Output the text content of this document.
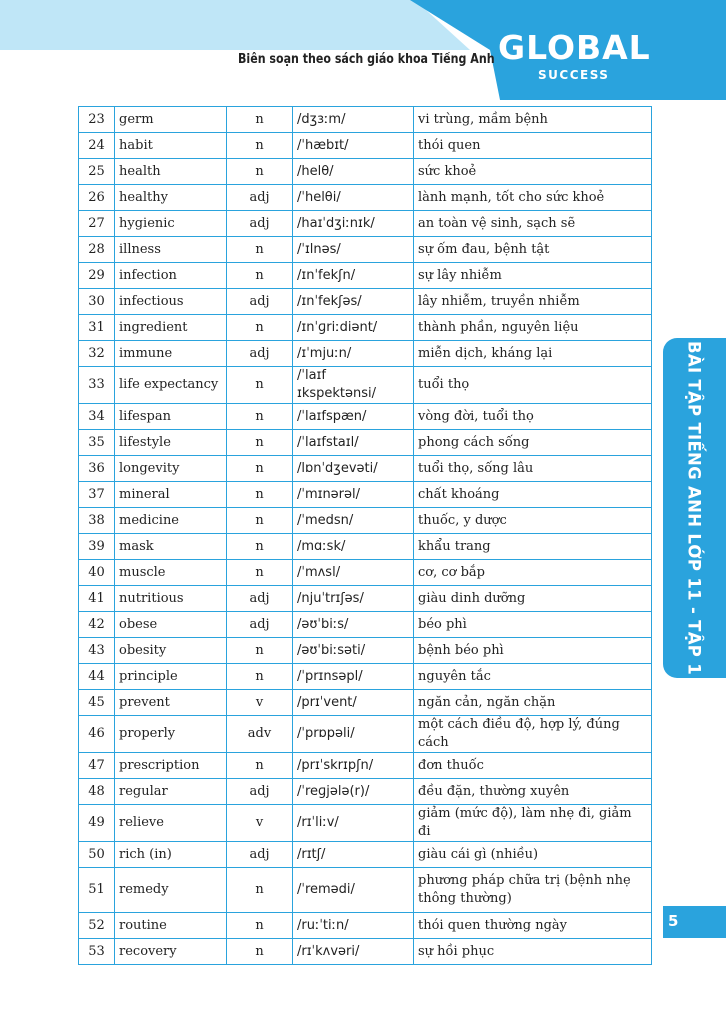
Biên soạn theo sách giáo khoa Tiếng Anh GLOBAL
SUCCESS
23	germ	n	/dʒɜːm/	vi trùng, mầm bệnh
24	habit	n	/ˈhæbɪt/	thói quen
25	health	n	/helθ/	sức khoẻ
26	healthy	adj	/ˈhelθi/	lành mạnh, tốt cho sức khoẻ
27	hygienic	adj	/haɪˈdʒiːnɪk/	an toàn vệ sinh, sạch sẽ
28	illness	n	/ˈɪlnəs/	sự ốm đau, bệnh tật
29	infection	n	/ɪnˈfekʃn/	sự lây nhiễm
30	infectious	adj	/ɪnˈfekʃəs/	lây nhiễm, truyền nhiễm
31	ingredient	n	/ɪnˈɡriːdiənt/	thành phần, nguyên liệu
32	immune	adj	/ɪˈmjuːn/	miễn dịch, kháng lại
33	life expectancy	n	/ˈlaɪf ɪkspektənsi/	tuổi thọ
34	lifespan	n	/ˈlaɪfspæn/	vòng đời, tuổi thọ
35	lifestyle	n	/ˈlaɪfstaɪl/	phong cách sống
36	longevity	n	/lɒnˈdʒevəti/	tuổi thọ, sống lâu
37	mineral	n	/ˈmɪnərəl/	chất khoáng
38	medicine	n	/ˈmedsn/	thuốc, y dược
39	mask	n	/mɑːsk/	khẩu trang
40	muscle	n	/ˈmʌsl/	cơ, cơ bắp
41	nutritious	adj	/njuˈtrɪʃəs/	giàu dinh dưỡng
42	obese	adj	/əʊˈbiːs/	béo phì
43	obesity	n	/əʊˈbiːsəti/	bệnh béo phì
44	principle	n	/ˈprɪnsəpl/	nguyên tắc
45	prevent	v	/prɪˈvent/	ngăn cản, ngăn chặn
46	properly	adv	/ˈprɒpəli/	một cách điều độ, hợp lý, đúng cách
47	prescription	n	/prɪˈskrɪpʃn/	đơn thuốc
48	regular	adj	/ˈreɡjələ(r)/	đều đặn, thường xuyên
49	relieve	v	/rɪˈliːv/	giảm (mức độ), làm nhẹ đi, giảm đi
50	rich (in)	adj	/rɪtʃ/	giàu cái gì (nhiều)
51	remedy	n	/ˈremədi/	phương pháp chữa trị (bệnh nhẹ thông thường)
52	routine	n	/ruːˈtiːn/	thói quen thường ngày
53	recovery	n	/rɪˈkʌvəri/	sự hồi phục
BÀI TẬP TIẾNG ANH LỚP 11 - TẬP 1
5
